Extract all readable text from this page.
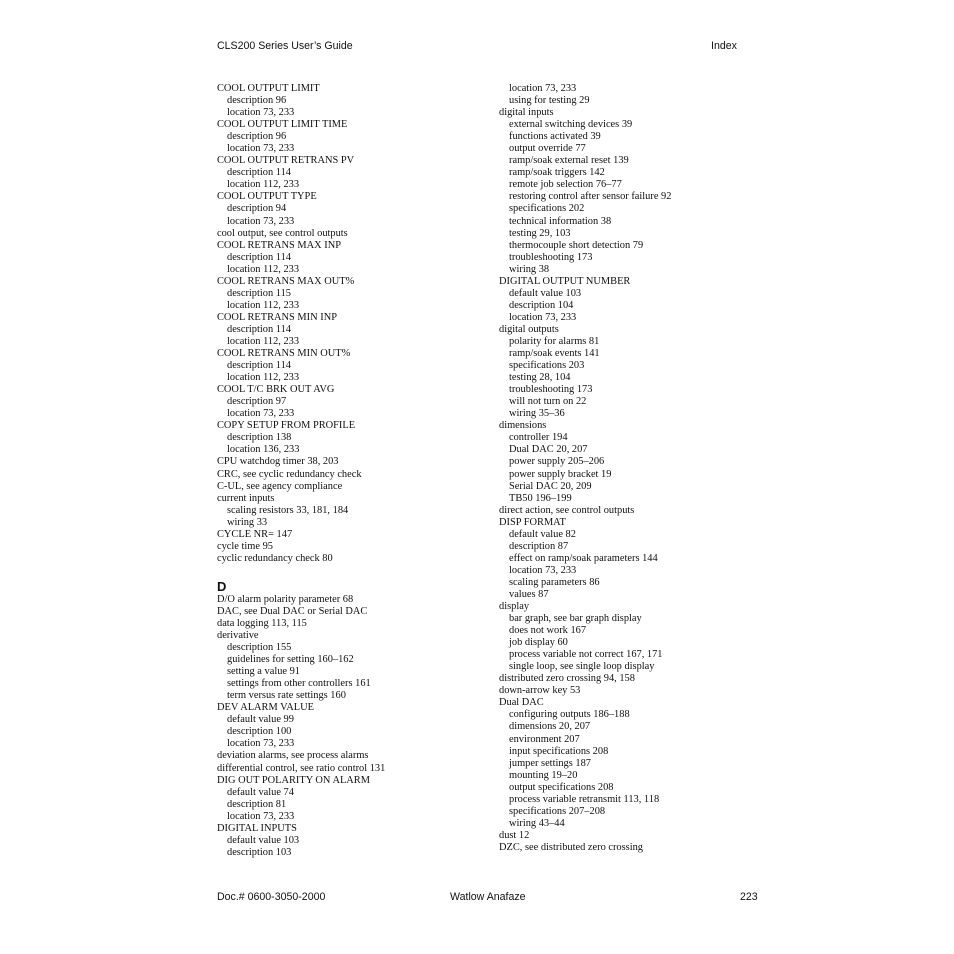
CLS200 Series User’s Guide	Index
COOL OUTPUT LIMIT
description 96
location 73, 233
COOL OUTPUT LIMIT TIME
description 96
location 73, 233
COOL OUTPUT RETRANS PV
description 114
location 112, 233
COOL OUTPUT TYPE
description 94
location 73, 233
cool output, see control outputs
COOL RETRANS MAX INP
description 114
location 112, 233
COOL RETRANS MAX OUT%
description 115
location 112, 233
COOL RETRANS MIN INP
description 114
location 112, 233
COOL RETRANS MIN OUT%
description 114
location 112, 233
COOL T/C BRK OUT AVG
description 97
location 73, 233
COPY SETUP FROM PROFILE
description 138
location 136, 233
CPU watchdog timer 38, 203
CRC, see cyclic redundancy check
C-UL, see agency compliance
current inputs
scaling resistors 33, 181, 184
wiring 33
CYCLE NR= 147
cycle time 95
cyclic redundancy check 80
D
D/O alarm polarity parameter 68
DAC, see Dual DAC or Serial DAC
data logging 113, 115
derivative
description 155
guidelines for setting 160–162
setting a value 91
settings from other controllers 161
term versus rate settings 160
DEV ALARM VALUE
default value 99
description 100
location 73, 233
deviation alarms, see process alarms
differential control, see ratio control 131
DIG OUT POLARITY ON ALARM
default value 74
description 81
location 73, 233
DIGITAL INPUTS
default value 103
description 103
location 73, 233
using for testing 29
digital inputs
external switching devices 39
functions activated 39
output override 77
ramp/soak external reset 139
ramp/soak triggers 142
remote job selection 76–77
restoring control after sensor failure 92
specifications 202
technical information 38
testing 29, 103
thermocouple short detection 79
troubleshooting 173
wiring 38
DIGITAL OUTPUT NUMBER
default value 103
description 104
location 73, 233
digital outputs
polarity for alarms 81
ramp/soak events 141
specifications 203
testing 28, 104
troubleshooting 173
will not turn on 22
wiring 35–36
dimensions
controller 194
Dual DAC 20, 207
power supply 205–206
power supply bracket 19
Serial DAC 20, 209
TB50 196–199
direct action, see control outputs
DISP FORMAT
default value 82
description 87
effect on ramp/soak parameters 144
location 73, 233
scaling parameters 86
values 87
display
bar graph, see bar graph display
does not work 167
job display 60
process variable not correct 167, 171
single loop, see single loop display
distributed zero crossing 94, 158
down-arrow key 53
Dual DAC
configuring outputs 186–188
dimensions 20, 207
environment 207
input specifications 208
jumper settings 187
mounting 19–20
output specifications 208
process variable retransmit 113, 118
specifications 207–208
wiring 43–44
dust 12
DZC, see distributed zero crossing
Doc.# 0600-3050-2000	Watlow Anafaze	223
